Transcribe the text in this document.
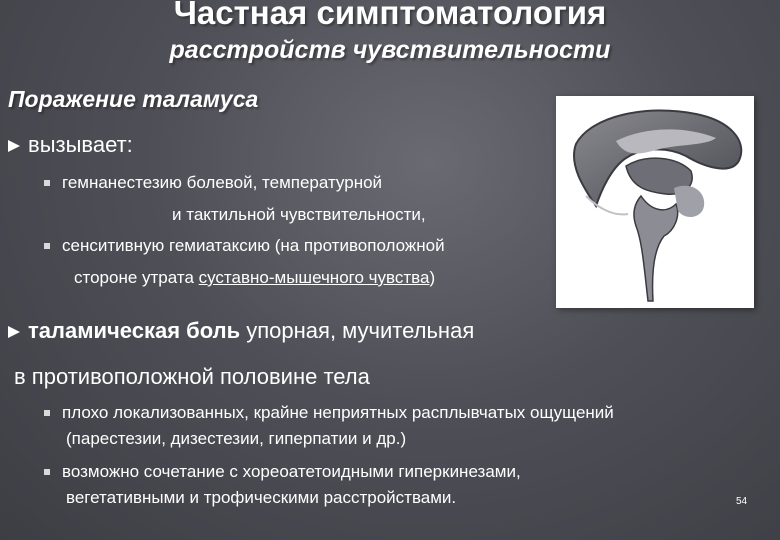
Частная симптоматология
расстройств чувствительности
Поражение таламуса
вызывает:
гемнанестезию болевой, температурной
и тактильной чувствительности,
сенситивную гемиатаксию (на противоположной
стороне утрата суставно-мышечного чувства)
таламическая боль упорная, мучительная
в противоположной половине тела
плохо локализованных, крайне неприятных расплывчатых ощущений
(парестезии, дизестезии, гиперпатии и др.)
возможно сочетание с хореоатетоидными гиперкинезами,
вегетативными и трофическими расстройствами.	54
